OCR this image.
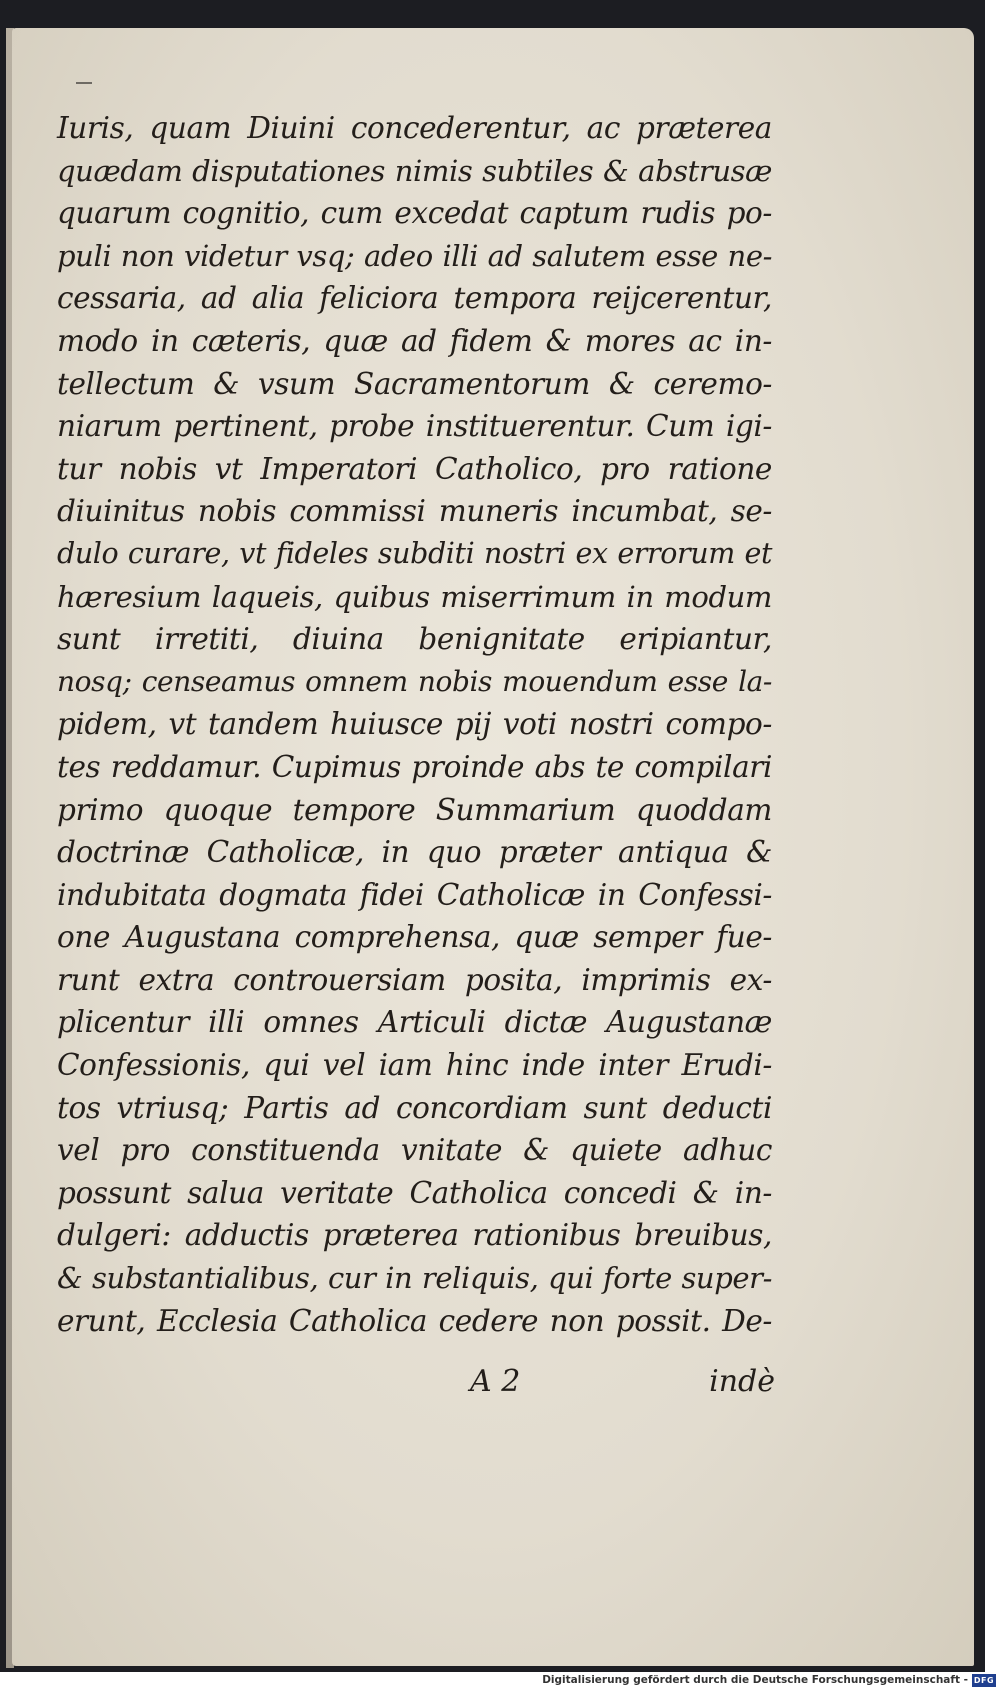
Iuris, quam Diuini concederentur, ac præterea
quædam disputationes nimis subtiles & abstrusæ
quarum cognitio, cum excedat captum rudis po-
puli non videtur vsq; adeo illi ad salutem esse ne-
cessaria, ad alia feliciora tempora reijcerentur,
modo in cæteris, quæ ad fidem & mores ac in-
tellectum & vsum Sacramentorum & ceremo-
niarum pertinent, probe instituerentur. Cum igi-
tur nobis vt Imperatori Catholico, pro ratione
diuinitus nobis commissi muneris incumbat, se-
dulo curare, vt fideles subditi nostri ex errorum et
hæresium laqueis, quibus miserrimum in modum
sunt irretiti, diuina benignitate eripiantur,
nosq; censeamus omnem nobis mouendum esse la-
pidem, vt tandem huiusce pij voti nostri compo-
tes reddamur. Cupimus proinde abs te compilari
primo quoque tempore Summarium quoddam
doctrinæ Catholicæ, in quo præter antiqua &
indubitata dogmata fidei Catholicæ in Confessi-
one Augustana comprehensa, quæ semper fue-
runt extra controuersiam posita, imprimis ex-
plicentur illi omnes Articuli dictæ Augustanæ
Confessionis, qui vel iam hinc inde inter Erudi-
tos vtriusq; Partis ad concordiam sunt deducti
vel pro constituenda vnitate & quiete adhuc
possunt salua veritate Catholica concedi & in-
dulgeri: adductis præterea rationibus breuibus,
& substantialibus, cur in reliquis, qui forte super-
erunt, Ecclesia Catholica cedere non possit. De-
A 2	indè
Digitalisierung gefördert durch die Deutsche Forschungsgemeinschaft - DFG
